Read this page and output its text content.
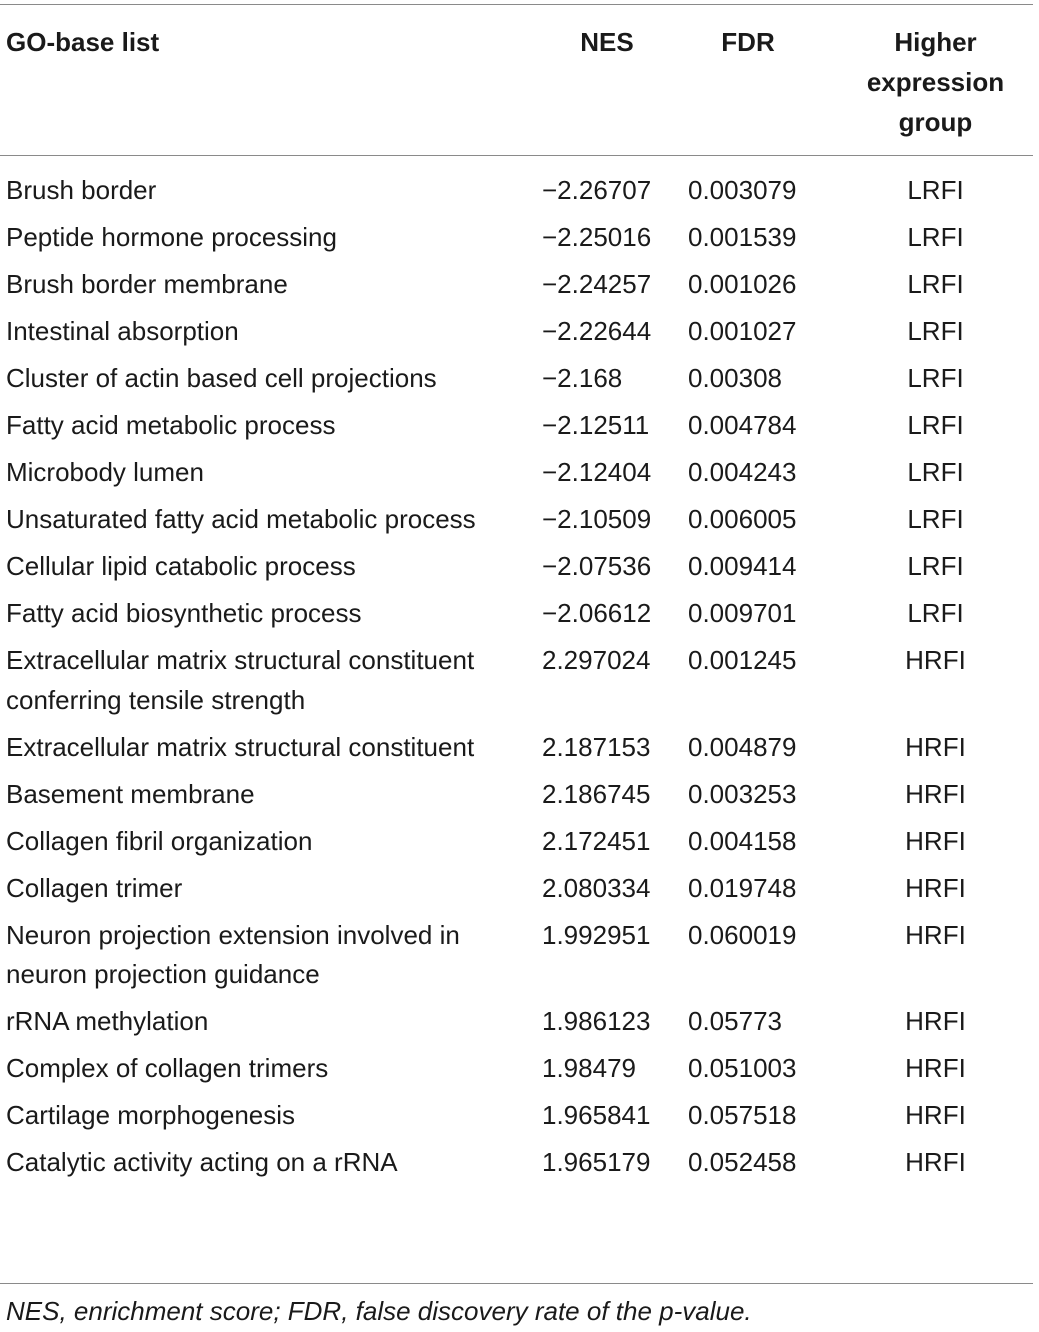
GO-base list	NES	FDR	Higher
expression
group
Brush border	−2.26707	0.003079	LRFI
Peptide hormone processing	−2.25016	0.001539	LRFI
Brush border membrane	−2.24257	0.001026	LRFI
Intestinal absorption	−2.22644	0.001027	LRFI
Cluster of actin based cell projections	−2.168	0.00308	LRFI
Fatty acid metabolic process	−2.12511	0.004784	LRFI
Microbody lumen	−2.12404	0.004243	LRFI
Unsaturated fatty acid metabolic process	−2.10509	0.006005	LRFI
Cellular lipid catabolic process	−2.07536	0.009414	LRFI
Fatty acid biosynthetic process	−2.06612	0.009701	LRFI
Extracellular matrix structural constituent conferring tensile strength	2.297024	0.001245	HRFI
Extracellular matrix structural constituent	2.187153	0.004879	HRFI
Basement membrane	2.186745	0.003253	HRFI
Collagen fibril organization	2.172451	0.004158	HRFI
Collagen trimer	2.080334	0.019748	HRFI
Neuron projection extension involved in neuron projection guidance	1.992951	0.060019	HRFI
rRNA methylation	1.986123	0.05773	HRFI
Complex of collagen trimers	1.98479	0.051003	HRFI
Cartilage morphogenesis	1.965841	0.057518	HRFI
Catalytic activity acting on a rRNA	1.965179	0.052458	HRFI
NES, enrichment score; FDR, false discovery rate of the p-value.
